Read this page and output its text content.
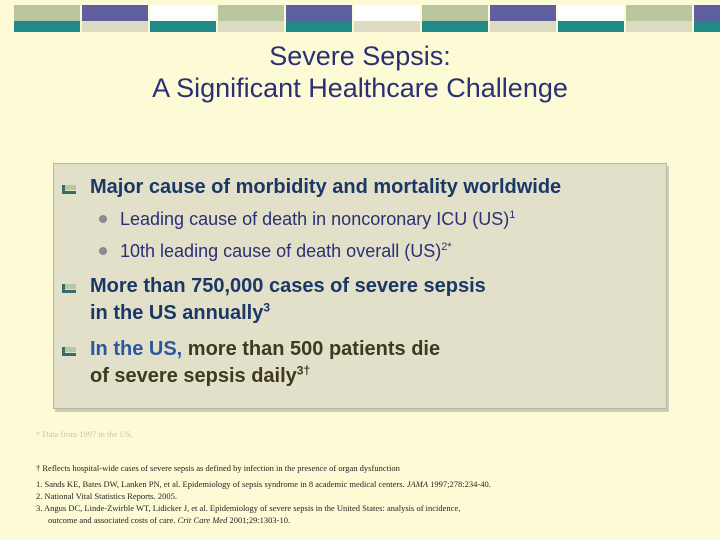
Severe Sepsis:
A Significant Healthcare Challenge
Major cause of morbidity and mortality worldwide
Leading cause of death in noncoronary ICU (US)$^1$
10th leading cause of death overall (US)$^{2*}$
More than 750,000 cases of severe sepsis
in the US annually$^3$
In the US, more than 500 patients die
of severe sepsis daily$^{3\dagger}$
* Data from 1997 in the US.
† Reflects hospital-wide cases of severe sepsis as defined by infection in the presence of organ dysfunction
1. Sands KE, Bates DW, Lanken PN, et al. Epidemiology of sepsis syndrome in 8 academic medical centers. JAMA 1997;278:234-40.
2. National Vital Statistics Reports. 2005.
3. Angus DC, Linde-Zwirble WT, Lidicker J, et al. Epidemiology of severe sepsis in the United States: analysis of incidence,
outcome and associated costs of care. Crit Care Med 2001;29:1303-10.
